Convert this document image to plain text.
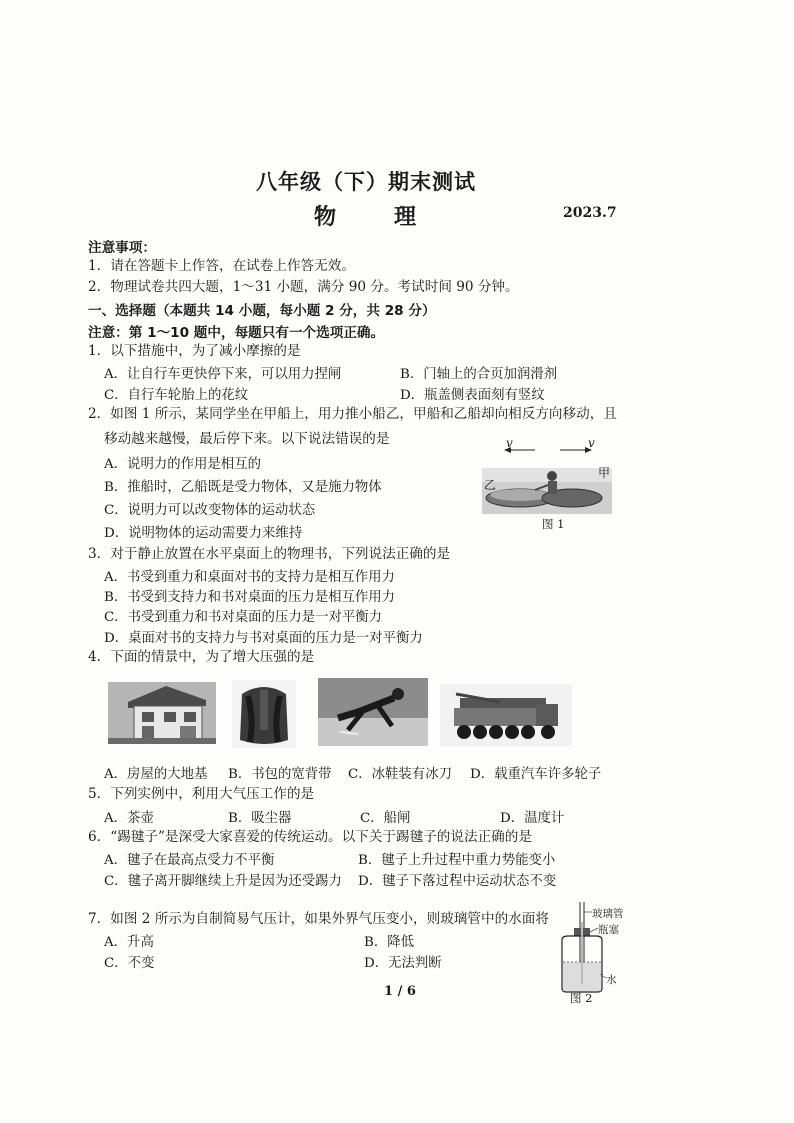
八年级（下）期末测试
物　理	2023.7
注意事项：
1．请在答题卡上作答，在试卷上作答无效。
2．物理试卷共四大题，1～31 小题，满分 90 分。考试时间 90 分钟。
一、选择题（本题共 14 小题，每小题 2 分，共 28 分）
注意：第 1～10 题中，每题只有一个选项正确。
1．以下措施中，为了减小摩擦的是
A．让自行车更快停下来，可以用力捏闸	B．门轴上的合页加润滑剂
C．自行车轮胎上的花纹	D．瓶盖侧表面刻有竖纹
2．如图 1 所示，某同学坐在甲船上，用力推小船乙，甲船和乙船却向相反方向移动，且
移动越来越慢，最后停下来。以下说法错误的是
A．说明力的作用是相互的
B．推船时，乙船既是受力物体，又是施力物体
C．说明力可以改变物体的运动状态
D．说明物体的运动需要力来维持
v	v
乙
甲
图 1
3．对于静止放置在水平桌面上的物理书，下列说法正确的是
A．书受到重力和桌面对书的支持力是相互作用力
B．书受到支持力和书对桌面的压力是相互作用力
C．书受到重力和书对桌面的压力是一对平衡力
D．桌面对书的支持力与书对桌面的压力是一对平衡力
4．下面的情景中，为了增大压强的是
A．房屋的大地基 B．书包的宽背带 C．冰鞋装有冰刀 D．载重汽车许多轮子
5．下列实例中，利用大气压工作的是
A．茶壶	B．吸尘器	C．船闸	D．温度计
6．“踢毽子”是深受大家喜爱的传统运动。以下关于踢毽子的说法正确的是
A．毽子在最高点受力不平衡	B．毽子上升过程中重力势能变小
C．毽子离开脚继续上升是因为还受踢力 D．毽子下落过程中运动状态不变
7．如图 2 所示为自制简易气压计，如果外界气压变小，则玻璃管中的水面将
A．升高	B．降低
C．不变	D．无法判断
玻璃管
瓶塞
水
图 2
1 / 6
